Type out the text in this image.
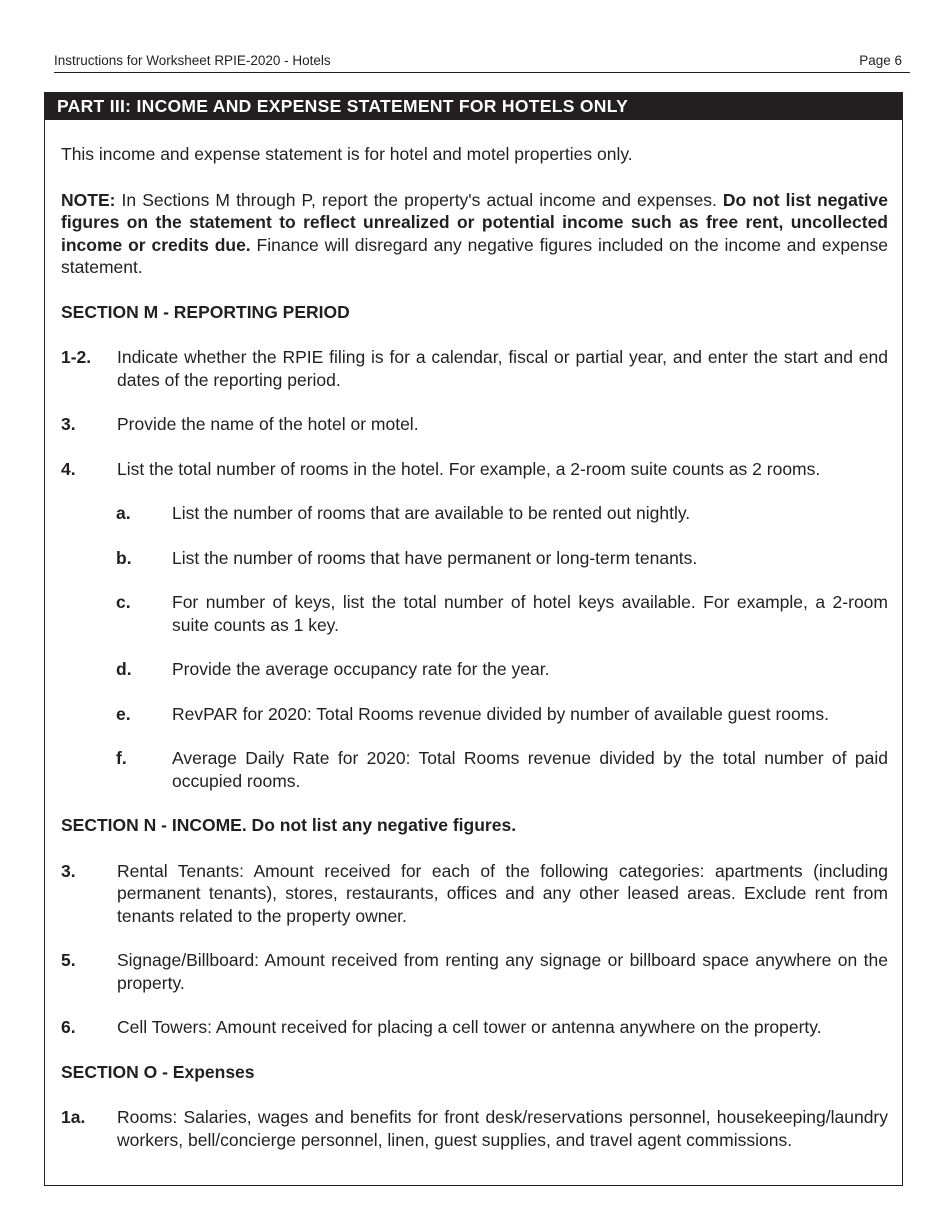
Instructions for Worksheet RPIE-2020 - Hotels	Page 6
PART III: INCOME AND EXPENSE STATEMENT FOR HOTELS ONLY

This income and expense statement is for hotel and motel properties only.

NOTE: In Sections M through P, report the property's actual income and expenses. Do not list negative figures on the statement to reflect unrealized or potential income such as free rent, uncollected income or credits due. Finance will disregard any negative figures included on the income and expense statement.

SECTION M - REPORTING PERIOD

1-2. Indicate whether the RPIE filing is for a calendar, fiscal or partial year, and enter the start and end dates of the reporting period.
3. Provide the name of the hotel or motel.
4. List the total number of rooms in the hotel. For example, a 2-room suite counts as 2 rooms.
a. List the number of rooms that are available to be rented out nightly.
b. List the number of rooms that have permanent or long-term tenants.
c. For number of keys, list the total number of hotel keys available. For example, a 2-room suite counts as 1 key.
d. Provide the average occupancy rate for the year.
e. RevPAR for 2020: Total Rooms revenue divided by number of available guest rooms.
f.	Average Daily Rate for 2020: Total Rooms revenue divided by the total number of paid occupied rooms.

SECTION N - INCOME. Do not list any negative figures.

3. Rental Tenants: Amount received for each of the following categories: apartments (including permanent tenants), stores, restaurants, offices and any other leased areas. Exclude rent from tenants related to the property owner.
5. Signage/Billboard: Amount received from renting any signage or billboard space anywhere on the property.
6. Cell Towers: Amount received for placing a cell tower or antenna anywhere on the property.

SECTION O - Expenses

1a. Rooms: Salaries, wages and benefits for front desk/reservations personnel, housekeeping/laundry workers, bell/concierge personnel, linen, guest supplies, and travel agent commissions.
